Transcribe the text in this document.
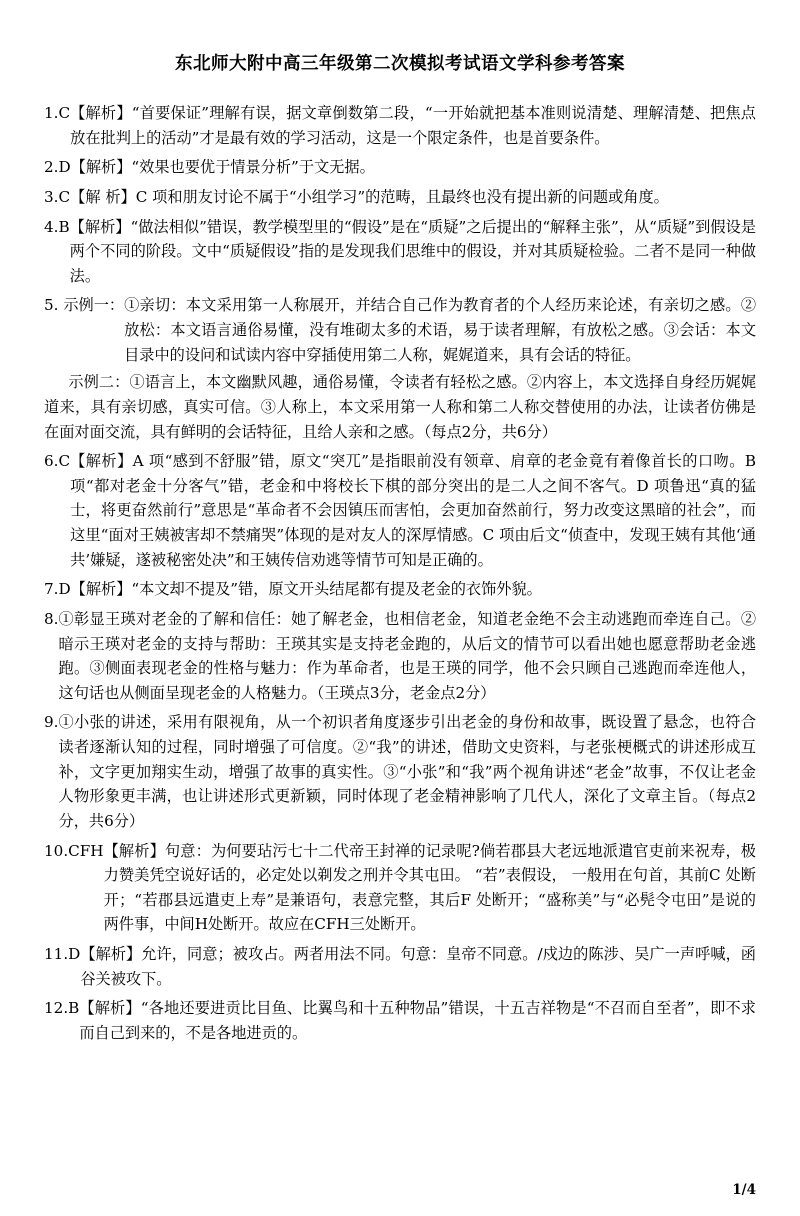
东北师大附中高三年级第二次模拟考试语文学科参考答案
1.C 【解析】“首要保证”理解有误，据文章倒数第二段，“一开始就把基本准则说清楚、理解清楚、把焦点放在批判上的活动”才是最有效的学习活动，这是一个限定条件，也是首要条件。
2.D 【解析】“效果也要优于情景分析”于文无据。
3.C 【解 析】C 项和朋友讨论不属于“小组学习”的范畴，且最终也没有提出新的问题或角度。
4.B 【解析】“做法相似”错误，教学模型里的“假设”是在“质疑”之后提出的“解释主张”，从“质疑”到假设是两个不同的阶段。文中“质疑假设”指的是发现我们思维中的假设，并对其质疑检验。二者不是同一种做法。
5. 示例一： ①亲切：本文采用第一人称展开，并结合自己作为教育者的个人经历来论述，有亲切之感。②放松：本文语言通俗易懂，没有堆砌太多的术语，易于读者理解，有放松之感。③会话：本文目录中的设问和试读内容中穿插使用第二人称，娓娓道来，具有会话的特征。
示例二：①语言上，本文幽默风趣，通俗易懂，令读者有轻松之感。②内容上，本文选择自身经历娓娓道来，具有亲切感，真实可信。③人称上，本文采用第一人称和第二人称交替使用的办法，让读者仿佛是在面对面交流，具有鲜明的会话特征，且给人亲和之感。（每点2分，共6分）
6.C 【解析】A 项“感到不舒服”错，原文“突兀”是指眼前没有领章、肩章的老金竟有着像首长的口吻。B 项“都对老金十分客气”错，老金和中将校长下棋的部分突出的是二人之间不客气。D 项鲁迅“真的猛士，将更奋然前行”意思是“革命者不会因镇压而害怕，会更加奋然前行，努力改变这黑暗的社会”，而这里“面对王姨被害却不禁痛哭”体现的是对友人的深厚情感。C 项由后文“侦查中，发现王姨有其他‘通共’嫌疑，遂被秘密处决”和王姨传信劝逃等情节可知是正确的。
7.D 【解析】“本文却不提及”错，原文开头结尾都有提及老金的衣饰外貌。
8. ①彰显王瑛对老金的了解和信任：她了解老金，也相信老金，知道老金绝不会主动逃跑而牵连自己。②暗示王瑛对老金的支持与帮助：王瑛其实是支持老金跑的，从后文的情节可以看出她也愿意帮助老金逃跑。③侧面表现老金的性格与魅力：作为革命者，也是王瑛的同学，他不会只顾自己逃跑而牵连他人，这句话也从侧面呈现老金的人格魅力。（王瑛点3分，老金点2分）
9. ①小张的讲述，采用有限视角，从一个初识者角度逐步引出老金的身份和故事，既设置了悬念，也符合读者逐渐认知的过程，同时增强了可信度。②“我”的讲述，借助文史资料，与老张梗概式的讲述形成互补，文字更加翔实生动，增强了故事的真实性。③“小张”和“我”两个视角讲述“老金”故事，不仅让老金人物形象更丰满，也让讲述形式更新颖，同时体现了老金精神影响了几代人，深化了文章主旨。（每点2分，共6分）
10.CFH 【解析】句意：为何要玷污七十二代帝王封禅的记录呢?倘若郡县大老远地派遣官吏前来祝寿，极力赞美凭空说好话的，必定处以剃发之刑并令其屯田。 “若”表假设， 一般用在句首，其前C 处断开；“若郡县远遣吏上寿”是兼语句，表意完整，其后F 处断开；“盛称美”与“必髡令屯田”是说的两件事，中间H处断开。故应在CFH三处断开。
11.D 【解析】允许，同意；被攻占。两者用法不同。句意：皇帝不同意。/戍边的陈涉、吴广一声呼喊，函谷关被攻下。
12.B 【解析】“各地还要进贡比目鱼、比翼鸟和十五种物品”错误，十五吉祥物是“不召而自至者”，即不求而自己到来的，不是各地进贡的。
1/4
